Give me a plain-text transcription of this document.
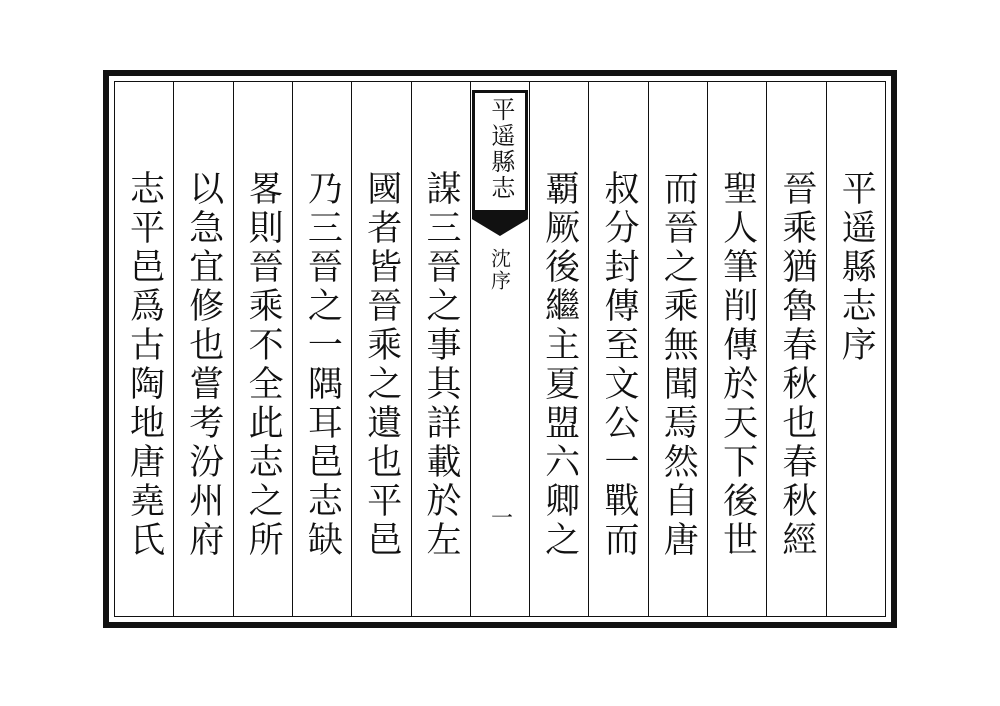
平遥縣志序
晉乘猶魯春秋也春秋經
聖人筆削傳於天下後世
而晉之乘無聞焉然自唐
叔分封傳至文公一戰而
覇厥後繼主夏盟六卿之
平遥縣志
沈序
一
謀三晉之事其詳載於左
國者皆晉乘之遺也平邑
乃三晉之一隅耳邑志缺
畧則晉乘不全此志之所
以急宜修也嘗考汾州府
志平邑爲古陶地唐堯氏
